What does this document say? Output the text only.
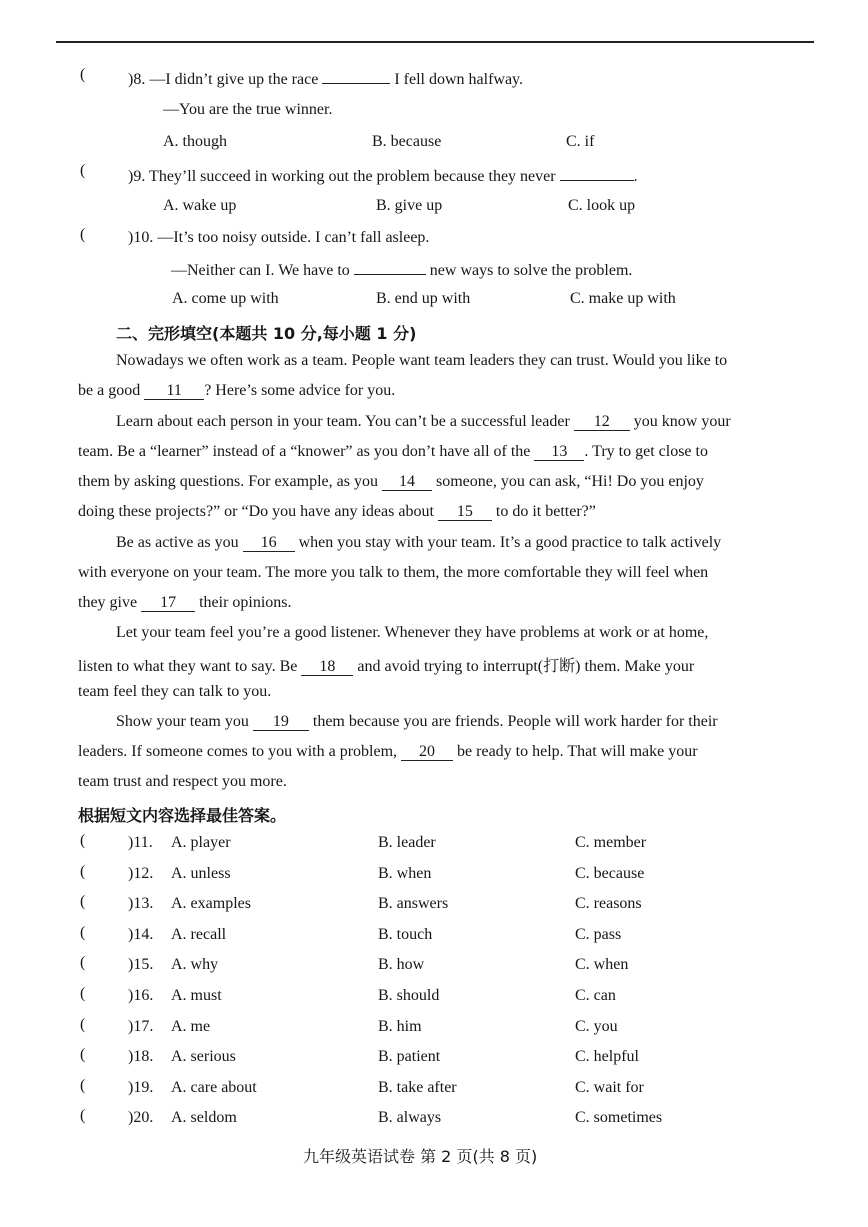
(	)8. —I didn’t give up the race	I fell down halfway.
—You are the true winner.
A. though	B. because	C. if
(	)9. They’ll succeed in working out the problem because they never	.
A. wake up	B. give up	C. look up
(	)10. —It’s too noisy outside. I can’t fall asleep.
—Neither can I. We have to	new ways to solve the problem.
A. come up with	B. end up with	C. make up with
二、完形填空(本题共 10 分,每小题 1 分)
Nowadays we often work as a team. People want team leaders they can trust. Would you like to
be a good 11 ? Here’s some advice for you.
Learn about each person in your team. You can’t be a successful leader 12 you know your
team. Be a “learner” instead of a “knower” as you don’t have all of the 13 . Try to get close to
them by asking questions. For example, as you 14 someone, you can ask, “Hi! Do you enjoy
doing these projects?” or “Do you have any ideas about 15 to do it better?”
Be as active as you 16 when you stay with your team. It’s a good practice to talk actively
with everyone on your team. The more you talk to them, the more comfortable they will feel when
they give 17 their opinions.
Let your team feel you’re a good listener. Whenever they have problems at work or at home,
listen to what they want to say. Be 18 and avoid trying to interrupt(打断) them. Make your
team feel they can talk to you.
Show your team you 19 them because you are friends. People will work harder for their
leaders. If someone comes to you with a problem, 20 be ready to help. That will make your
team trust and respect you more.
根据短文内容选择最佳答案。
(	)11. A. player	B. leader	C. member
(	)12. A. unless	B. when	C. because
(	)13. A. examples	B. answers	C. reasons
(	)14. A. recall	B. touch	C. pass
(	)15. A. why	B. how	C. when
(	)16. A. must	B. should	C. can
(	)17. A. me	B. him	C. you
(	)18. A. serious	B. patient	C. helpful
(	)19. A. care about	B. take after	C. wait for
(	)20. A. seldom	B. always	C. sometimes
九年级英语试卷 第 2 页(共 8 页)
